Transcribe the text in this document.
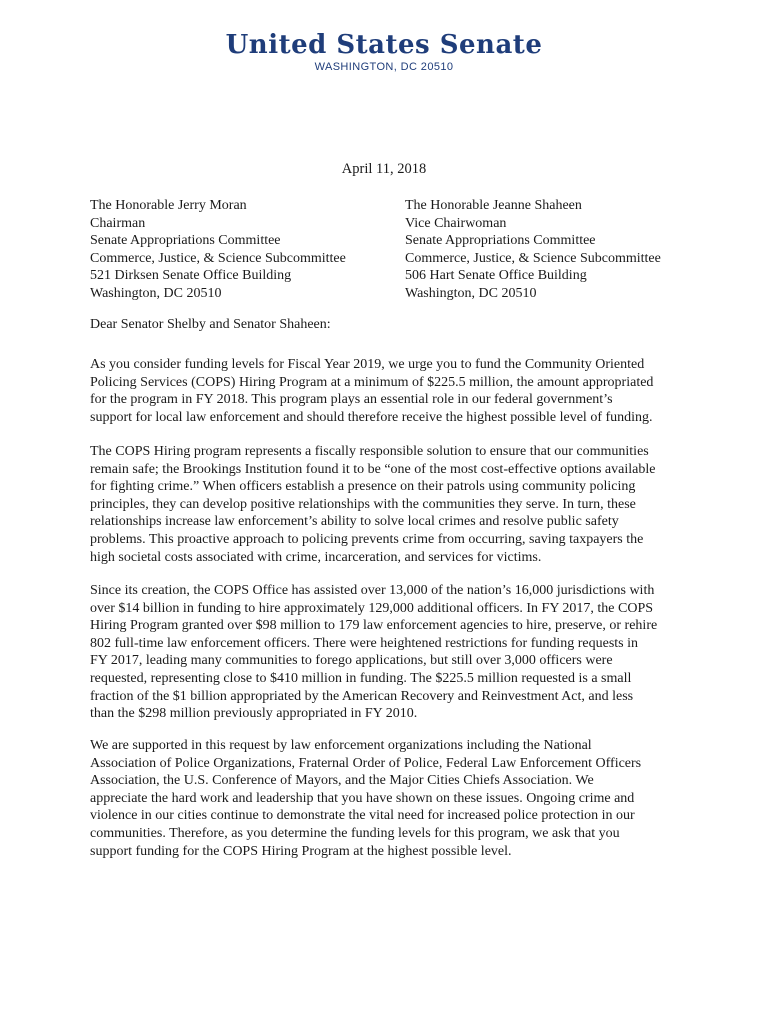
United States Senate
WASHINGTON, DC 20510
April 11, 2018
The Honorable Jerry Moran
Chairman
Senate Appropriations Committee
Commerce, Justice, & Science Subcommittee
521 Dirksen Senate Office Building
Washington, DC 20510
The Honorable Jeanne Shaheen
Vice Chairwoman
Senate Appropriations Committee
Commerce, Justice, & Science Subcommittee
506 Hart Senate Office Building
Washington, DC 20510
Dear Senator Shelby and Senator Shaheen:
As you consider funding levels for Fiscal Year 2019, we urge you to fund the Community Oriented
Policing Services (COPS) Hiring Program at a minimum of $225.5 million, the amount appropriated
for the program in FY 2018. This program plays an essential role in our federal government’s
support for local law enforcement and should therefore receive the highest possible level of funding.
The COPS Hiring program represents a fiscally responsible solution to ensure that our communities
remain safe; the Brookings Institution found it to be “one of the most cost-effective options available
for fighting crime.” When officers establish a presence on their patrols using community policing
principles, they can develop positive relationships with the communities they serve. In turn, these
relationships increase law enforcement’s ability to solve local crimes and resolve public safety
problems. This proactive approach to policing prevents crime from occurring, saving taxpayers the
high societal costs associated with crime, incarceration, and services for victims.
Since its creation, the COPS Office has assisted over 13,000 of the nation’s 16,000 jurisdictions with
over $14 billion in funding to hire approximately 129,000 additional officers. In FY 2017, the COPS
Hiring Program granted over $98 million to 179 law enforcement agencies to hire, preserve, or rehire
802 full-time law enforcement officers. There were heightened restrictions for funding requests in
FY 2017, leading many communities to forego applications, but still over 3,000 officers were
requested, representing close to $410 million in funding. The $225.5 million requested is a small
fraction of the $1 billion appropriated by the American Recovery and Reinvestment Act, and less
than the $298 million previously appropriated in FY 2010.
We are supported in this request by law enforcement organizations including the National
Association of Police Organizations, Fraternal Order of Police, Federal Law Enforcement Officers
Association, the U.S. Conference of Mayors, and the Major Cities Chiefs Association. We
appreciate the hard work and leadership that you have shown on these issues. Ongoing crime and
violence in our cities continue to demonstrate the vital need for increased police protection in our
communities. Therefore, as you determine the funding levels for this program, we ask that you
support funding for the COPS Hiring Program at the highest possible level.
